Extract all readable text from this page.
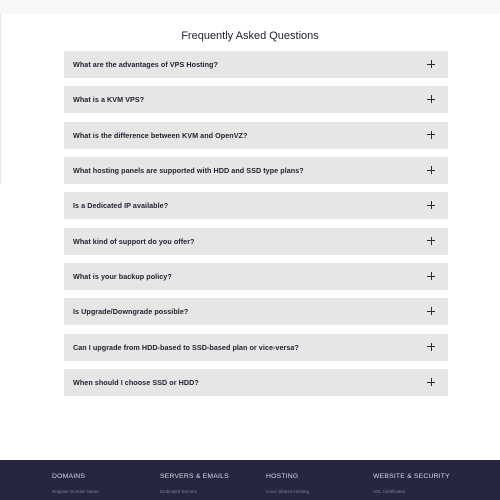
Frequently Asked Questions
What are the advantages of VPS Hosting?
What is a KVM VPS?
What is the difference between KVM and OpenVZ?
What hosting panels are supported with HDD and SSD type plans?
Is a Dedicated IP available?
What kind of support do you offer?
What is your backup policy?
Is Upgrade/Downgrade possible?
Can I upgrade from HDD-based to SSD-based plan or vice-versa?
When should I choose SSD or HDD?
DOMAINS
Register Domain Name
SERVERS & EMAILS
Dedicated Servers
HOSTING
Linux Shared Hosting
WEBSITE & SECURITY
SSL Certificates
